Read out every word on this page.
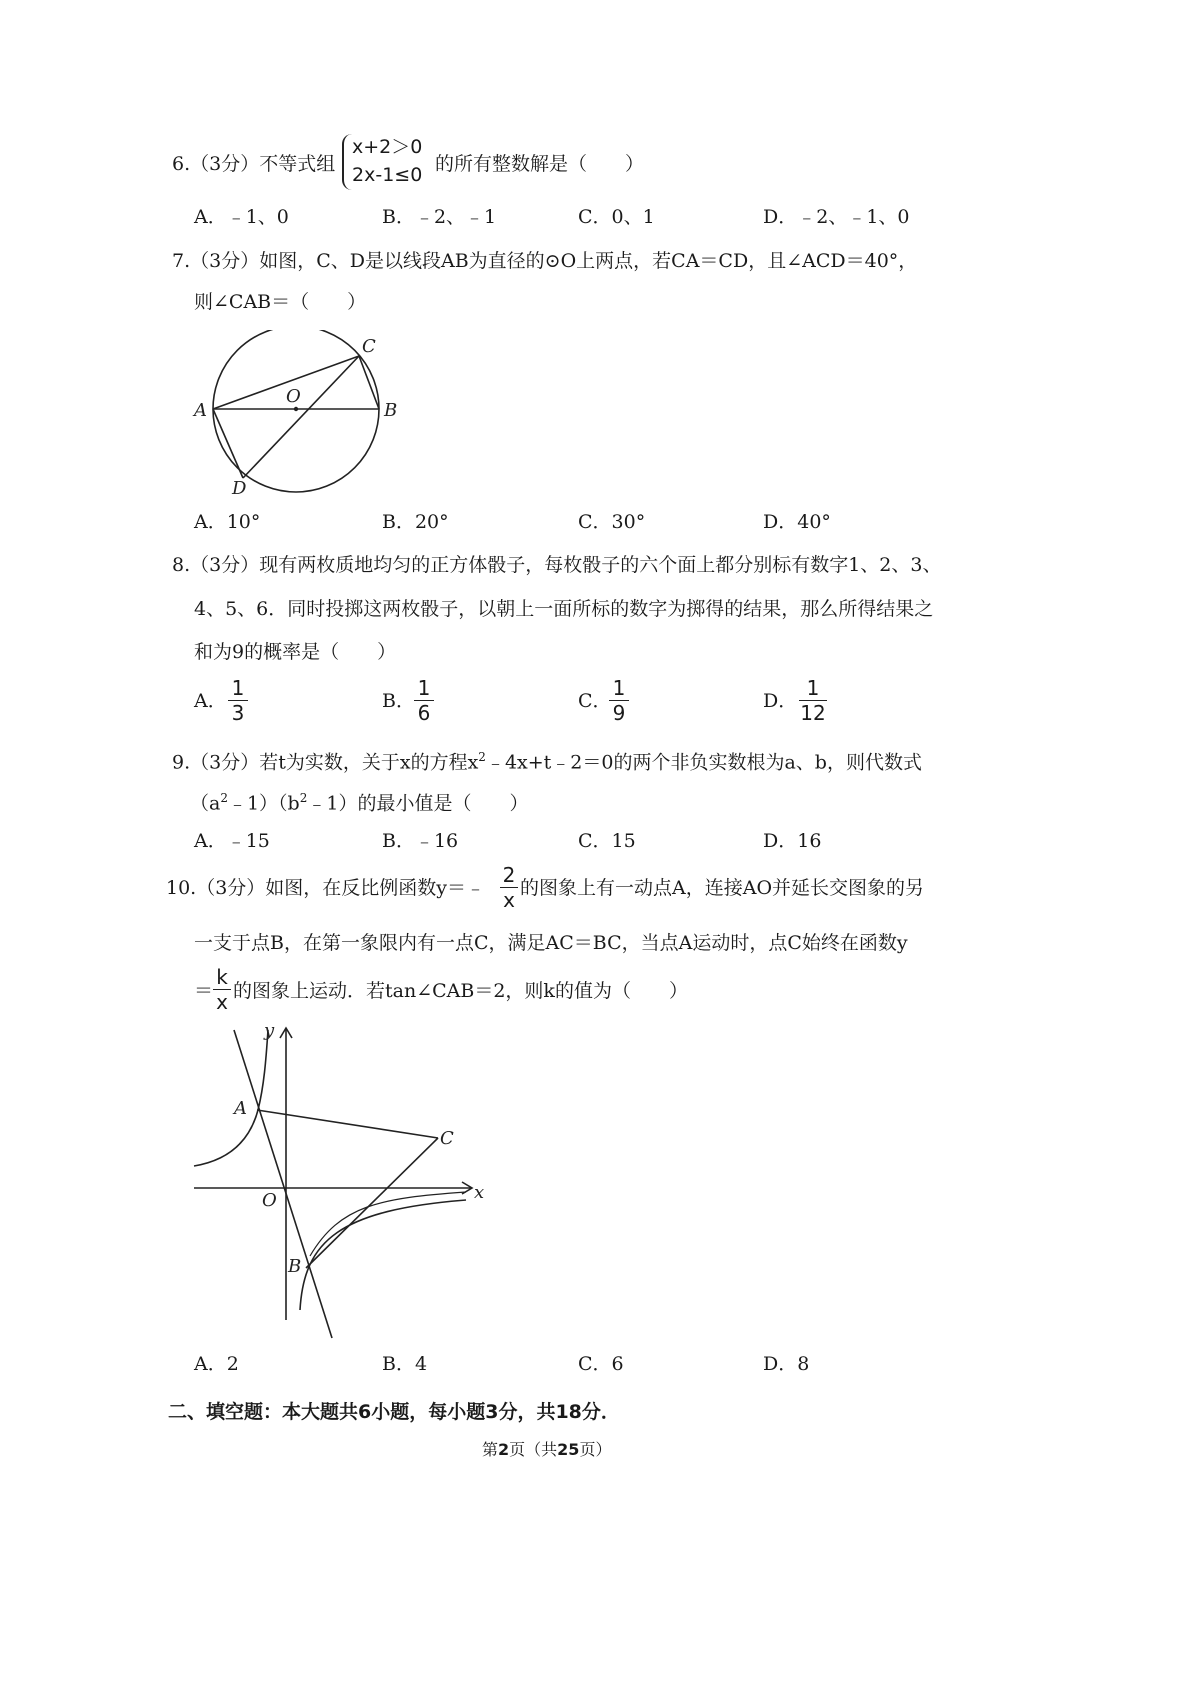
6.（3分）不等式组
x+2＞0
2x-1≤0 的所有整数解是（　　）
A．﹣1、0	B．﹣2、﹣1	C．0、1	D．﹣2、﹣1、0
7.（3分）如图，C、D是以线段AB为直径的⊙O上两点，若CA＝CD，且∠ACD＝40°，
则∠CAB＝（　　）
A	B
C
D
O
A．10°	B．20°	C．30°	D．40°
8.（3分）现有两枚质地均匀的正方体骰子，每枚骰子的六个面上都分别标有数字1、2、3、
4、5、6．同时投掷这两枚骰子，以朝上一面所标的数字为掷得的结果，那么所得结果之
和为9的概率是（　　）
A．
1
3	B．
1
6	C．
1
9	D．
1
12
9.（3分）若t为实数，关于x的方程$x^2﹣4x+t﹣2=0$的两个非负实数根为a、b，则代数式
$(a^2﹣1)(b^2﹣1)$的最小值是（　　）
A．﹣15	B．﹣16	C．15	D．16
10.（3分）如图，在反比例函数y＝﹣
2
x 的图象上有一动点A，连接AO并延长交图象的另
一支于点B，在第一象限内有一点C，满足AC＝BC，当点A运动时，点C始终在函数y
＝
k
x 的图象上运动．若tan∠CAB＝2，则k的值为（　　）
y
x
A
B
C
O
A．2	B．4	C．6	D．8
二、填空题：本大题共6小题，每小题3分，共18分．
第2页（共25页）
